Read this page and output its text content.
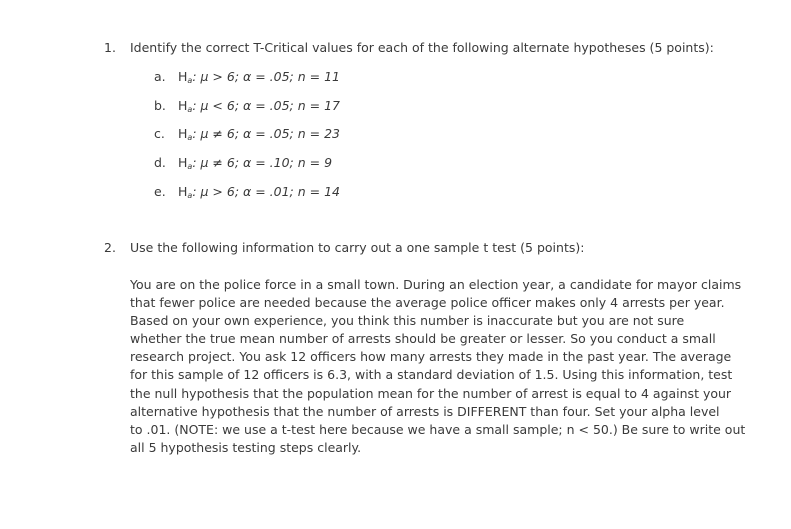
1. Identify the correct T-Critical values for each of the following alternate hypotheses (5 points):
a. Ha: μ > 6; α = .05; n = 11
b. Ha: μ < 6; α = .05; n = 17
c. Ha: μ ≠ 6; α = .05; n = 23
d. Ha: μ ≠ 6; α = .10; n = 9
e. Ha: μ > 6; α = .01; n = 14
2. Use the following information to carry out a one sample t test (5 points):
You are on the police force in a small town. During an election year, a candidate for mayor claims
that fewer police are needed because the average police officer makes only 4 arrests per year.
Based on your own experience, you think this number is inaccurate but you are not sure
whether the true mean number of arrests should be greater or lesser. So you conduct a small
research project. You ask 12 officers how many arrests they made in the past year. The average
for this sample of 12 officers is 6.3, with a standard deviation of 1.5. Using this information, test
the null hypothesis that the population mean for the number of arrest is equal to 4 against your
alternative hypothesis that the number of arrests is DIFFERENT than four. Set your alpha level
to .01. (NOTE: we use a t-test here because we have a small sample; n < 50.) Be sure to write out
all 5 hypothesis testing steps clearly.
